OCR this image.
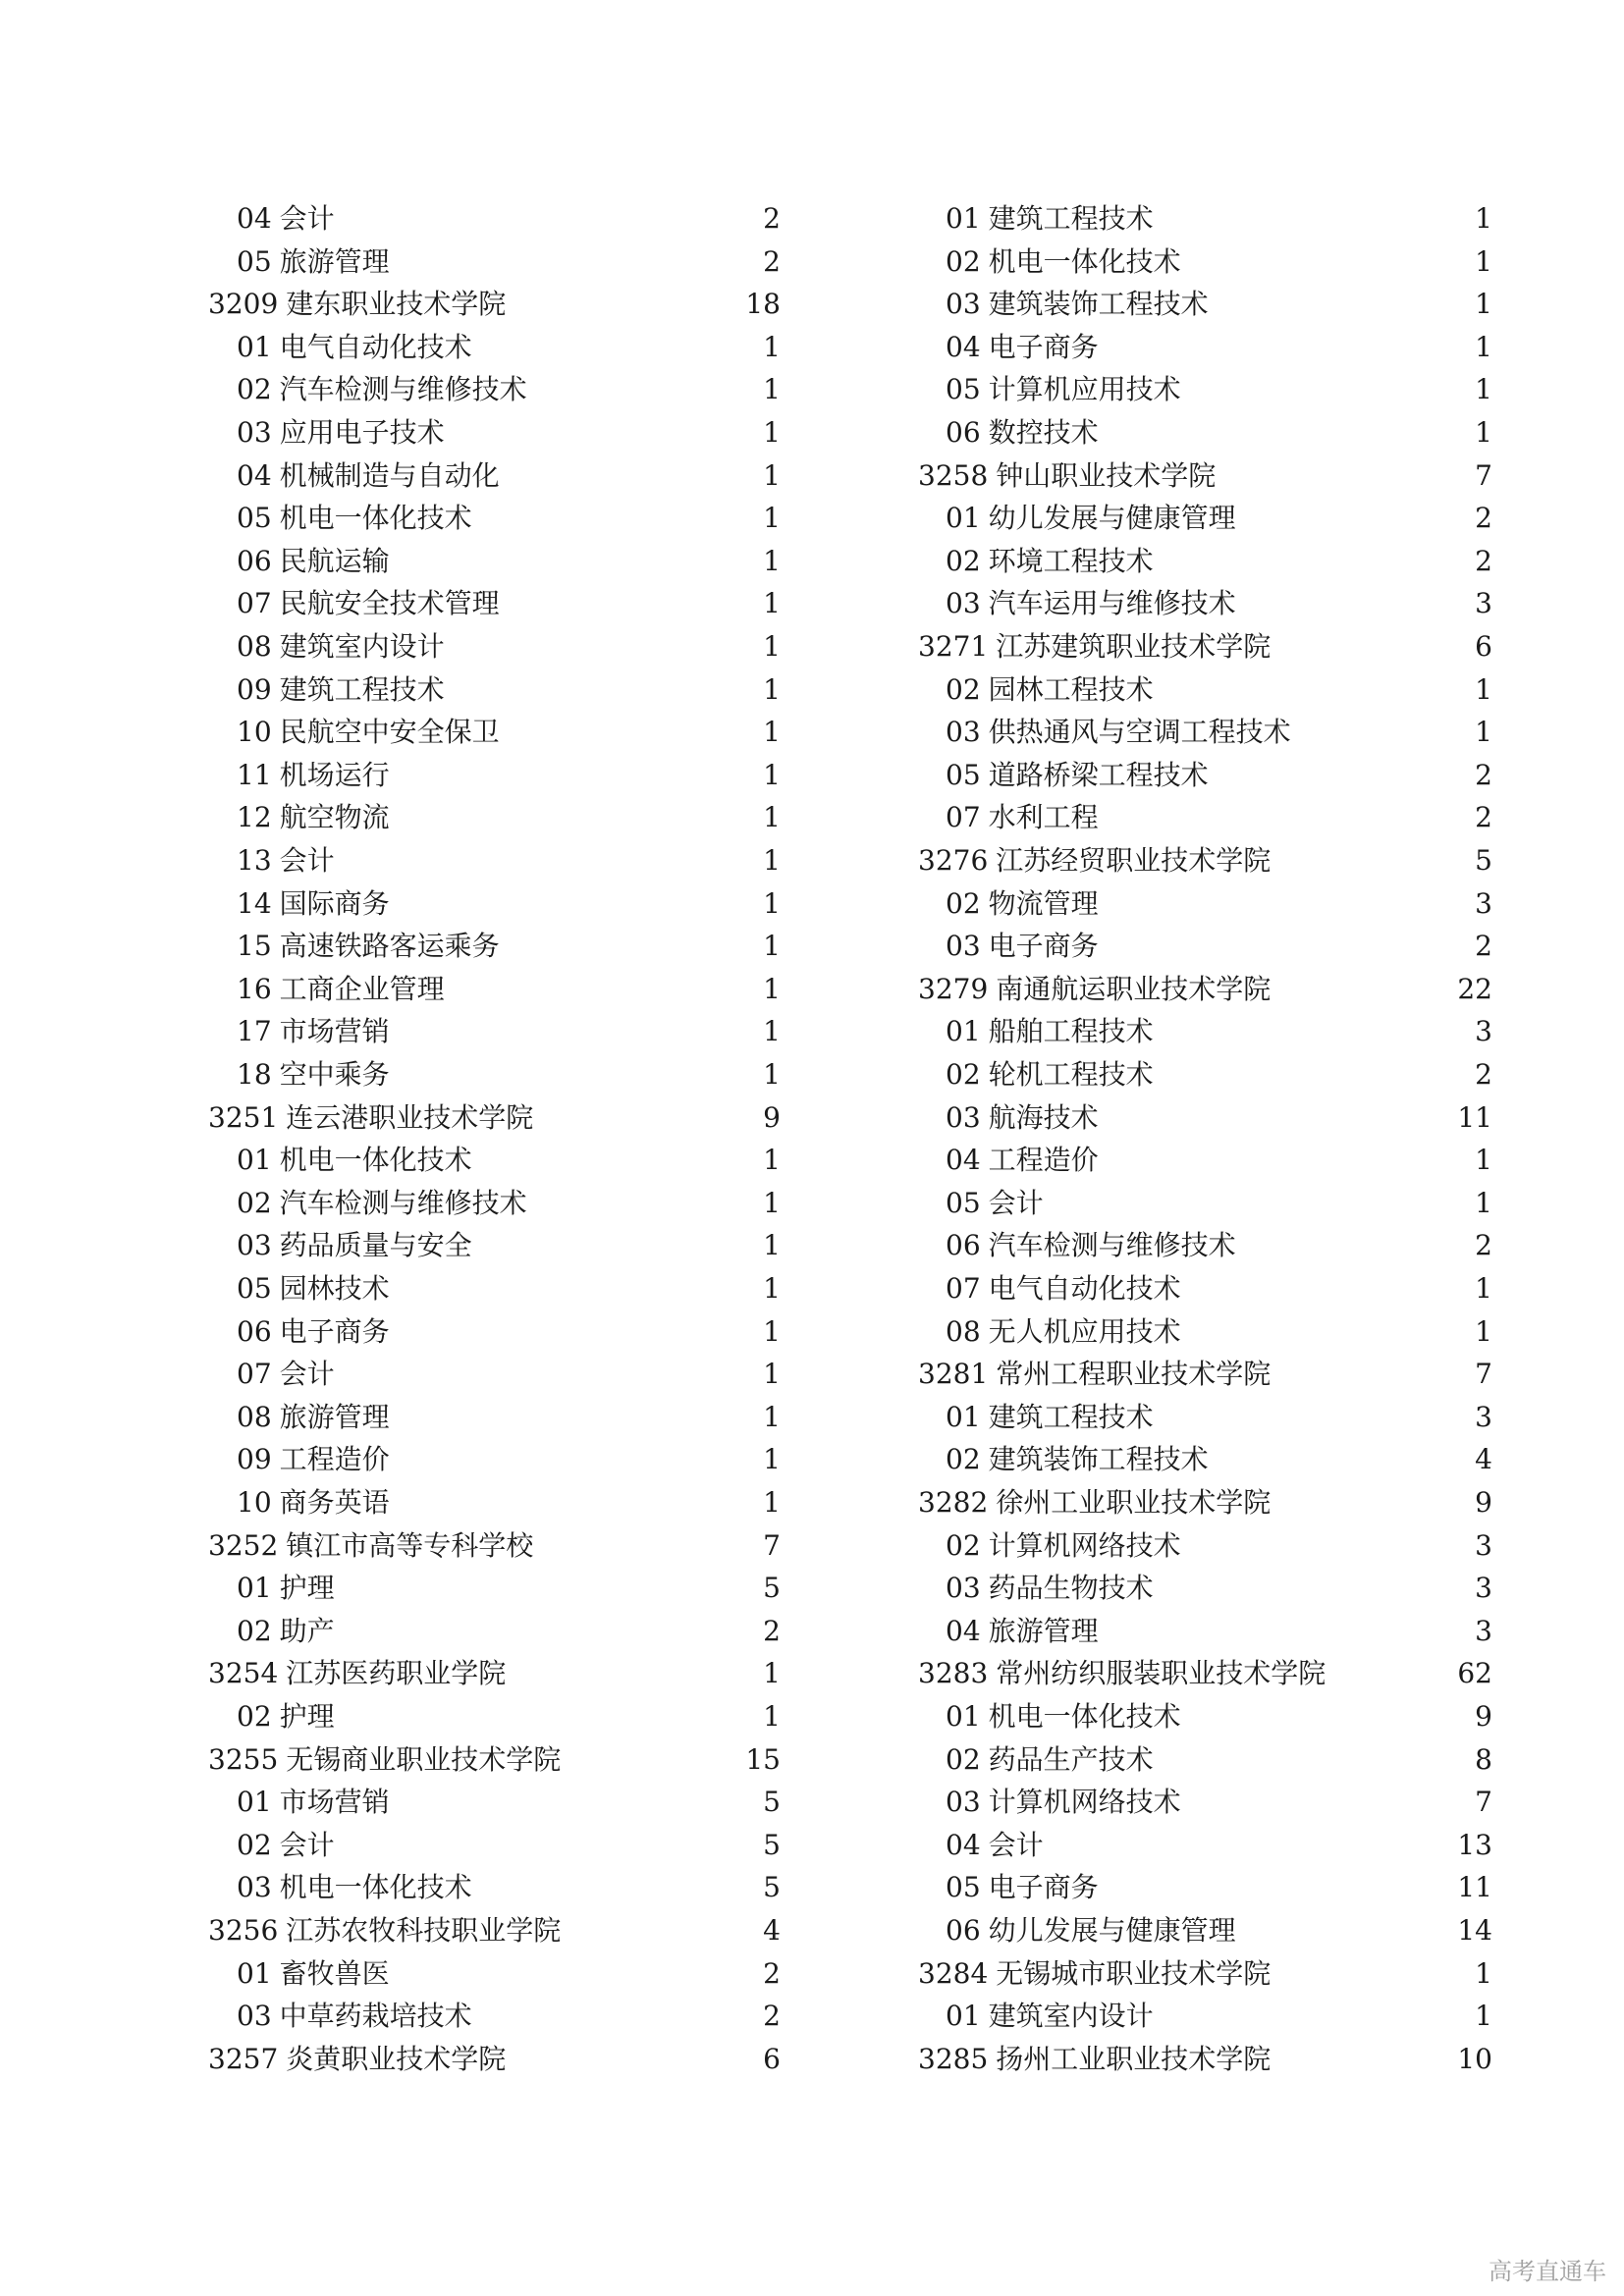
04 会计	2
05 旅游管理	2
3209 建东职业技术学院	18
01 电气自动化技术	1
02 汽车检测与维修技术	1
03 应用电子技术	1
04 机械制造与自动化	1
05 机电一体化技术	1
06 民航运输	1
07 民航安全技术管理	1
08 建筑室内设计	1
09 建筑工程技术	1
10 民航空中安全保卫	1
11 机场运行	1
12 航空物流	1
13 会计	1
14 国际商务	1
15 高速铁路客运乘务	1
16 工商企业管理	1
17 市场营销	1
18 空中乘务	1
3251 连云港职业技术学院	9
01 机电一体化技术	1
02 汽车检测与维修技术	1
03 药品质量与安全	1
05 园林技术	1
06 电子商务	1
07 会计	1
08 旅游管理	1
09 工程造价	1
10 商务英语	1
3252 镇江市高等专科学校	7
01 护理	5
02 助产	2
3254 江苏医药职业学院	1
02 护理	1
3255 无锡商业职业技术学院	15
01 市场营销	5
02 会计	5
03 机电一体化技术	5
3256 江苏农牧科技职业学院	4
01 畜牧兽医	2
03 中草药栽培技术	2
3257 炎黄职业技术学院	6
01 建筑工程技术	1
02 机电一体化技术	1
03 建筑装饰工程技术	1
04 电子商务	1
05 计算机应用技术	1
06 数控技术	1
3258 钟山职业技术学院	7
01 幼儿发展与健康管理	2
02 环境工程技术	2
03 汽车运用与维修技术	3
3271 江苏建筑职业技术学院	6
02 园林工程技术	1
03 供热通风与空调工程技术	1
05 道路桥梁工程技术	2
07 水利工程	2
3276 江苏经贸职业技术学院	5
02 物流管理	3
03 电子商务	2
3279 南通航运职业技术学院	22
01 船舶工程技术	3
02 轮机工程技术	2
03 航海技术	11
04 工程造价	1
05 会计	1
06 汽车检测与维修技术	2
07 电气自动化技术	1
08 无人机应用技术	1
3281 常州工程职业技术学院	7
01 建筑工程技术	3
02 建筑装饰工程技术	4
3282 徐州工业职业技术学院	9
02 计算机网络技术	3
03 药品生物技术	3
04 旅游管理	3
3283 常州纺织服装职业技术学院	62
01 机电一体化技术	9
02 药品生产技术	8
03 计算机网络技术	7
04 会计	13
05 电子商务	11
06 幼儿发展与健康管理	14
3284 无锡城市职业技术学院	1
01 建筑室内设计	1
3285 扬州工业职业技术学院	10
高考直通车
